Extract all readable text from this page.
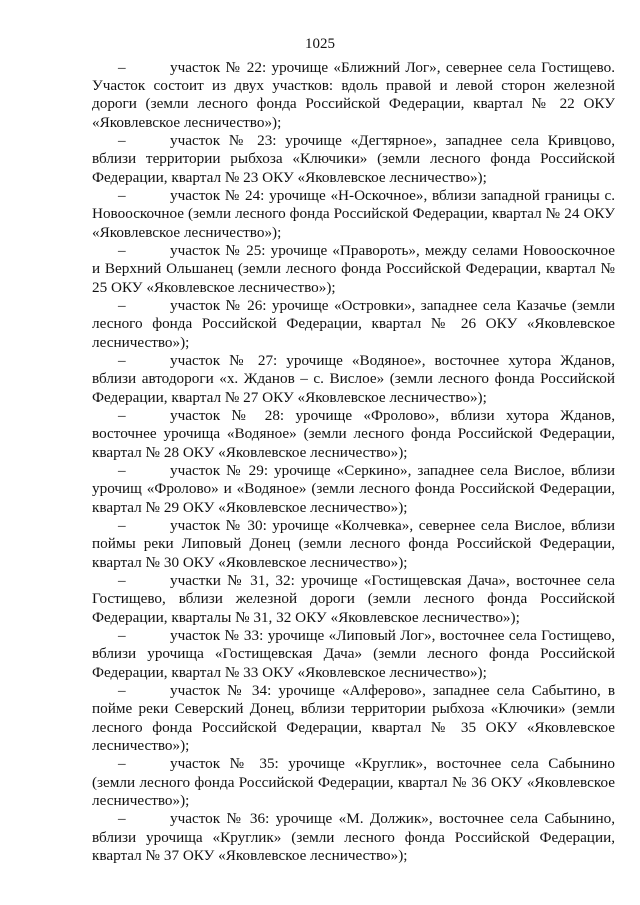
1025

–	участок № 22: урочище «Ближний Лог», севернее села Гостищево. Участок состоит из двух участков: вдоль правой и левой сторон железной дороги (земли лесного фонда Российской Федерации, квартал № 22 ОКУ «Яковлевское лесничество»);

–	участок № 23: урочище «Дегтярное», западнее села Кривцово, вблизи территории рыбхоза «Ключики» (земли лесного фонда Российской Федерации, квартал № 23 ОКУ «Яковлевское лесничество»);

–	участок № 24: урочище «Н-Оскочное», вблизи западной границы с. Новооскочное (земли лесного фонда Российской Федерации, квартал № 24 ОКУ «Яковлевское лесничество»);

–	участок № 25: урочище «Правороть», между селами Новооскочное и Верхний Ольшанец (земли лесного фонда Российской Федерации, квартал № 25 ОКУ «Яковлевское лесничество»);

–	участок № 26: урочище «Островки», западнее села Казачье (земли лесного фонда Российской Федерации, квартал № 26 ОКУ «Яковлевское лесничество»);

–	участок № 27: урочище «Водяное», восточнее хутора Жданов, вблизи автодороги «х. Жданов – с. Вислое» (земли лесного фонда Российской Федерации, квартал № 27 ОКУ «Яковлевское лесничество»);

–	участок № 28: урочище «Фролово», вблизи хутора Жданов, восточнее урочища «Водяное» (земли лесного фонда Российской Федерации, квартал № 28 ОКУ «Яковлевское лесничество»);

–	участок № 29: урочище «Серкино», западнее села Вислое, вблизи урочищ «Фролово» и «Водяное» (земли лесного фонда Российской Федерации, квартал № 29 ОКУ «Яковлевское лесничество»);

–	участок № 30: урочище «Колчевка», севернее села Вислое, вблизи поймы реки Липовый Донец (земли лесного фонда Российской Федерации, квартал № 30 ОКУ «Яковлевское лесничество»);

–	участки № 31, 32: урочище «Гостищевская Дача», восточнее села Гостищево, вблизи железной дороги (земли лесного фонда Российской Федерации, кварталы № 31, 32 ОКУ «Яковлевское лесничество»);

–	участок № 33: урочище «Липовый Лог», восточнее села Гостищево, вблизи урочища «Гостищевская Дача» (земли лесного фонда Российской Федерации, квартал № 33 ОКУ «Яковлевское лесничество»);

–	участок № 34: урочище «Алферово», западнее села Сабытино, в пойме реки Северский Донец, вблизи территории рыбхоза «Ключики» (земли лесного фонда Российской Федерации, квартал № 35 ОКУ «Яковлевское лесничество»);

–	участок № 35: урочище «Круглик», восточнее села Сабынино (земли лесного фонда Российской Федерации, квартал № 36 ОКУ «Яковлевское лесничество»);

–	участок № 36: урочище «М. Должик», восточнее села Сабынино, вблизи урочища «Круглик» (земли лесного фонда Российской Федерации, квартал № 37 ОКУ «Яковлевское лесничество»);
